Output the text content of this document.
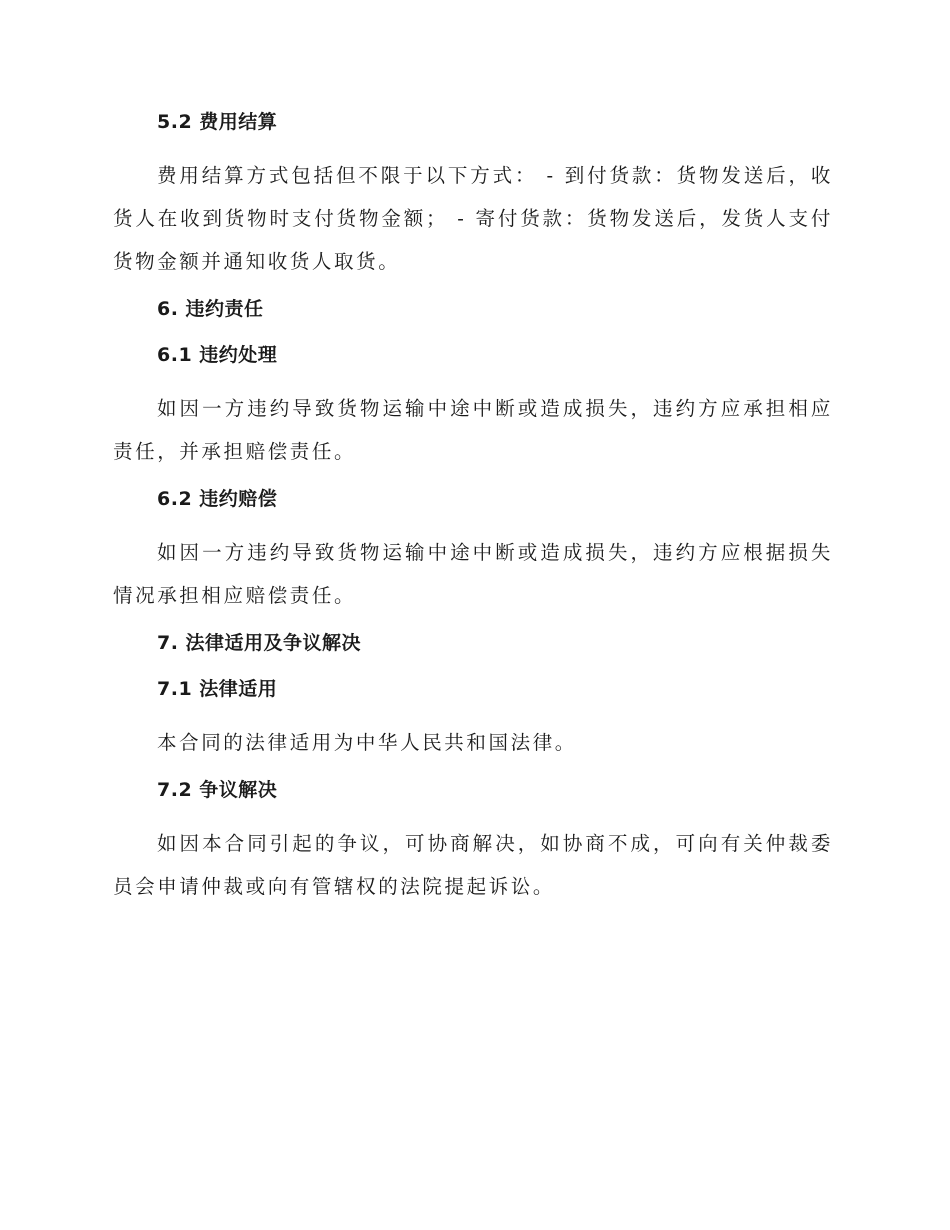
5.2 费用结算

费用结算方式包括但不限于以下方式： - 到付货款：货物发送后，收货人在收到货物时支付货物金额； - 寄付货款：货物发送后，发货人支付货物金额并通知收货人取货。

6. 违约责任
6.1 违约处理

如因一方违约导致货物运输中途中断或造成损失，违约方应承担相应责任，并承担赔偿责任。

6.2 违约赔偿

如因一方违约导致货物运输中途中断或造成损失，违约方应根据损失情况承担相应赔偿责任。

7. 法律适用及争议解决
7.1 法律适用

本合同的法律适用为中华人民共和国法律。

7.2 争议解决

如因本合同引起的争议，可协商解决，如协商不成，可向有关仲裁委员会申请仲裁或向有管辖权的法院提起诉讼。
